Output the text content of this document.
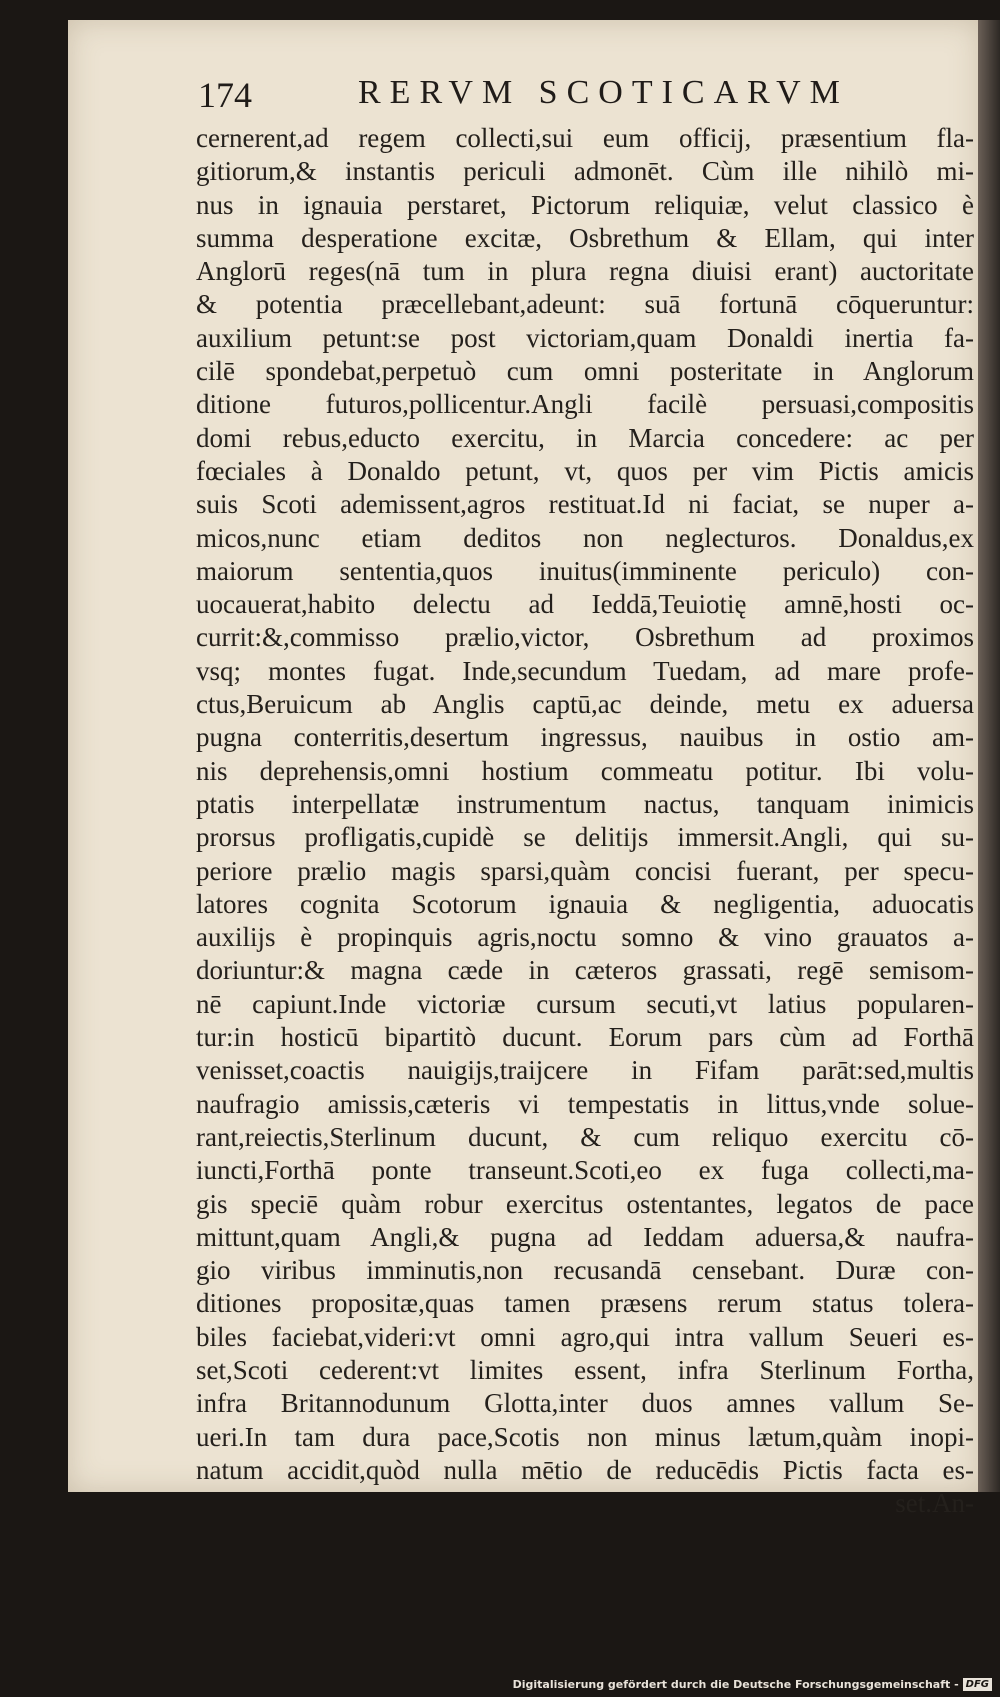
174	RERVM SCOTICARVM
cernerent,ad regem collecti,sui eum officij, præsentium fla-
gitiorum,& instantis periculi admonēt. Cùm ille nihilò mi-
nus in ignauia perstaret, Pictorum reliquiæ, velut classico è
summa desperatione excitæ, Osbrethum & Ellam, qui inter
Anglorū reges(nā tum in plura regna diuisi erant) auctoritate
& potentia præcellebant,adeunt: suā fortunā cōqueruntur:
auxilium petunt:se post victoriam,quam Donaldi inertia fa-
cilē spondebat,perpetuò cum omni posteritate in Anglorum
ditione futuros,pollicentur.Angli facilè persuasi,compositis
domi rebus,educto exercitu, in Marcia concedere: ac per
fœciales à Donaldo petunt, vt, quos per vim Pictis amicis
suis Scoti ademissent,agros restituat.Id ni faciat, se nuper a-
micos,nunc etiam deditos non neglecturos. Donaldus,ex
maiorum sententia,quos inuitus(imminente periculo) con-
uocauerat,habito delectu ad Ieddā,Teuiotię amnē,hosti oc-
currit:&,commisso prælio,victor, Osbrethum ad proximos
vsq; montes fugat. Inde,secundum Tuedam, ad mare profe-
ctus,Beruicum ab Anglis captū,ac deinde, metu ex aduersa
pugna conterritis,desertum ingressus, nauibus in ostio am-
nis deprehensis,omni hostium commeatu potitur. Ibi volu-
ptatis interpellatæ instrumentum nactus, tanquam inimicis
prorsus profligatis,cupidè se delitijs immersit.Angli, qui su-
periore prælio magis sparsi,quàm concisi fuerant, per specu-
latores cognita Scotorum ignauia & negligentia, aduocatis
auxilijs è propinquis agris,noctu somno & vino grauatos a-
doriuntur:& magna cæde in cæteros grassati, regē semisom-
nē capiunt.Inde victoriæ cursum secuti,vt latius popularen-
tur:in hosticū bipartitò ducunt. Eorum pars cùm ad Forthā
venisset,coactis nauigijs,traijcere in Fifam parāt:sed,multis
naufragio amissis,cæteris vi tempestatis in littus,vnde solue-
rant,reiectis,Sterlinum ducunt, & cum reliquo exercitu cō-
iuncti,Forthā ponte transeunt.Scoti,eo ex fuga collecti,ma-
gis speciē quàm robur exercitus ostentantes, legatos de pace
mittunt,quam Angli,& pugna ad Ieddam aduersa,& naufra-
gio viribus imminutis,non recusandā censebant. Duræ con-
ditiones propositæ,quas tamen præsens rerum status tolera-
biles faciebat,videri:vt omni agro,qui intra vallum Seueri es-
set,Scoti cederent:vt limites essent, infra Sterlinum Fortha,
infra Britannodunum Glotta,inter duos amnes vallum Se-
ueri.In tam dura pace,Scotis non minus lætum,quàm inopi-
natum accidit,quòd nulla mētio de reducēdis Pictis facta es-
set.An-
Digitalisierung gefördert durch die Deutsche Forschungsgemeinschaft - DFG
